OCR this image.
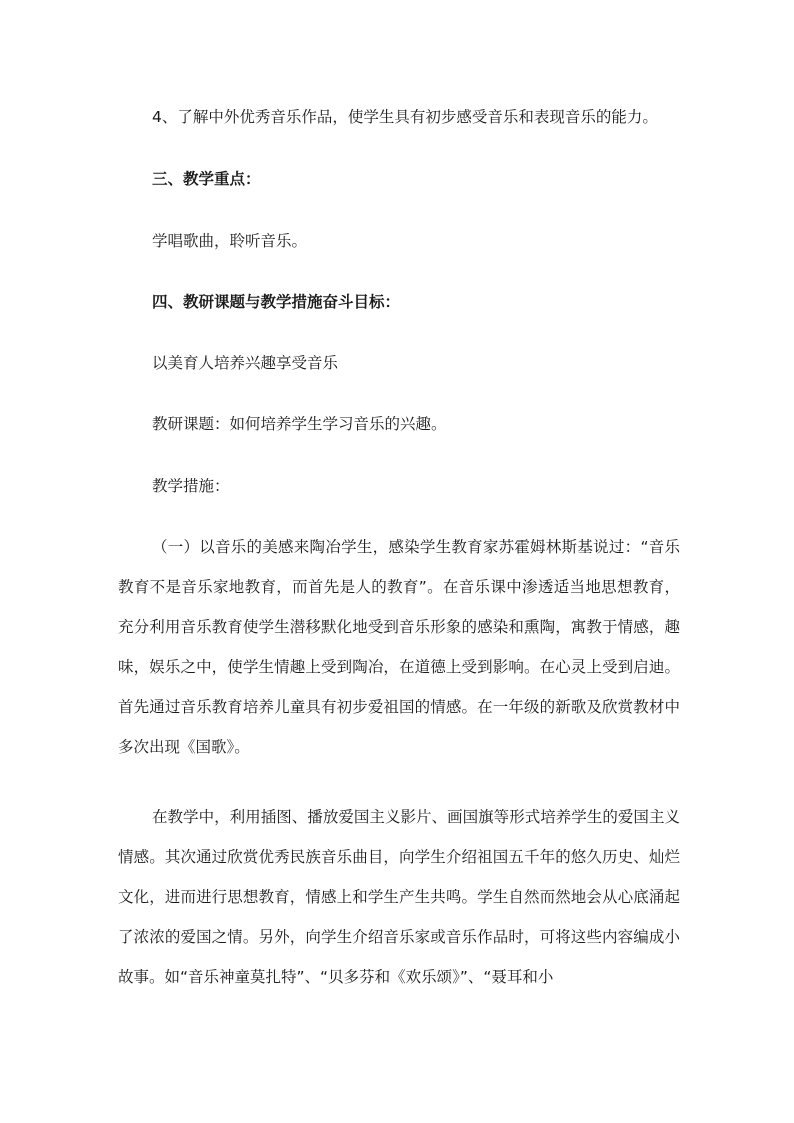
4、了解中外优秀音乐作品，使学生具有初步感受音乐和表现音乐的能力。

三、教学重点：

学唱歌曲，聆听音乐。

四、教研课题与教学措施奋斗目标：

以美育人培养兴趣享受音乐

教研课题：如何培养学生学习音乐的兴趣。

教学措施：

（一）以音乐的美感来陶冶学生，感染学生教育家苏霍姆林斯基说过：“音乐教育不是音乐家地教育，而首先是人的教育”。在音乐课中渗透适当地思想教育，充分利用音乐教育使学生潜移默化地受到音乐形象的感染和熏陶，寓教于情感，趣味，娱乐之中，使学生情趣上受到陶冶，在道德上受到影响。在心灵上受到启迪。首先通过音乐教育培养儿童具有初步爱祖国的情感。在一年级的新歌及欣赏教材中多次出现《国歌》。

在教学中，利用插图、播放爱国主义影片、画国旗等形式培养学生的爱国主义情感。其次通过欣赏优秀民族音乐曲目，向学生介绍祖国五千年的悠久历史、灿烂文化，进而进行思想教育，情感上和学生产生共鸣。学生自然而然地会从心底涌起了浓浓的爱国之情。另外，向学生介绍音乐家或音乐作品时，可将这些内容编成小故事。如“音乐神童莫扎特”、“贝多芬和《欢乐颂》”、“聂耳和小
